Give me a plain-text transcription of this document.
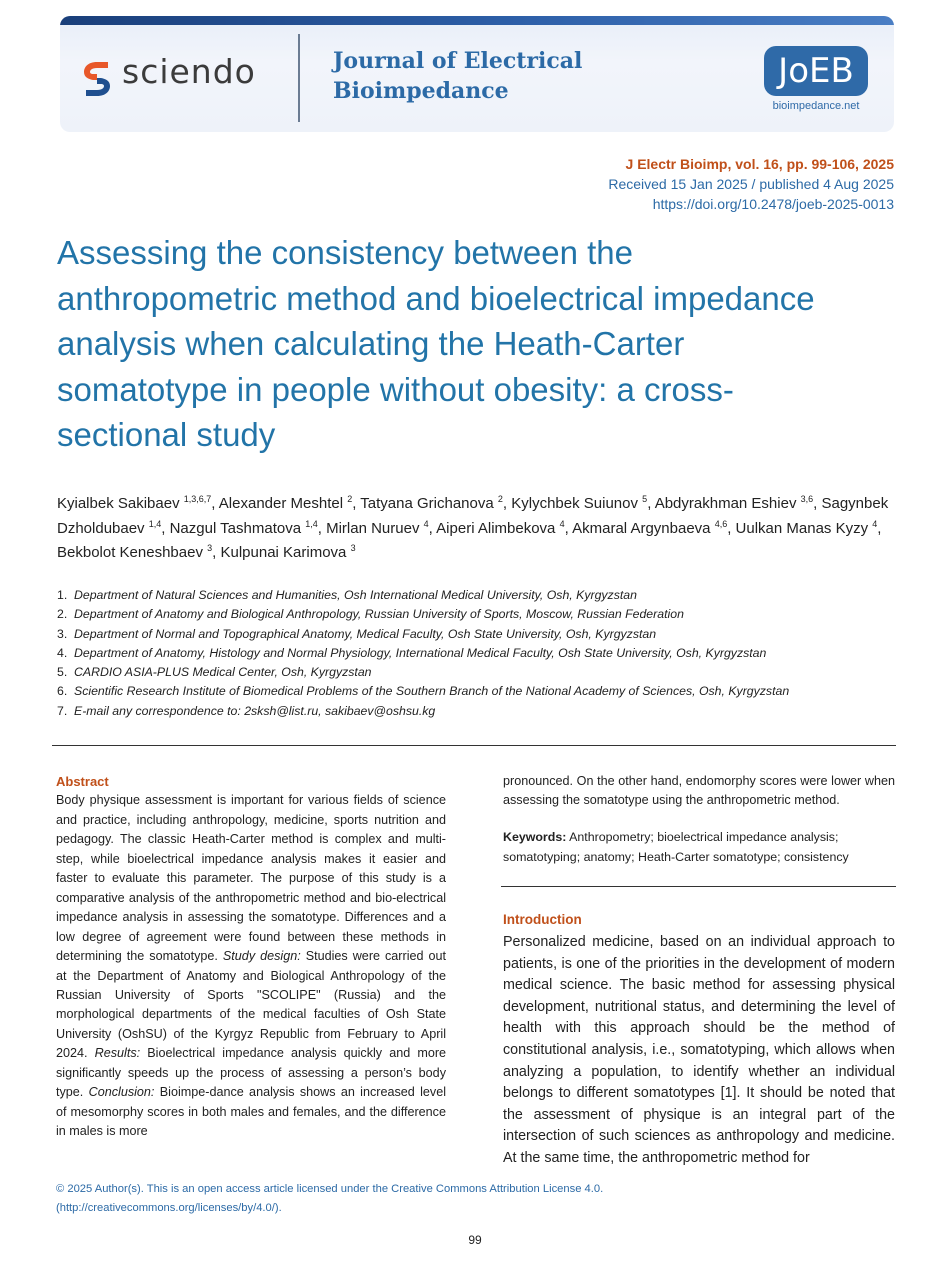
sciendo	Journal of Electrical
Bioimpedance	JoEB
bioimpedance.net
J Electr Bioimp, vol. 16, pp. 99-106, 2025
Received 15 Jan 2025 / published 4 Aug 2025
https://doi.org/10.2478/joeb-2025-0013
Assessing the consistency between the anthropometric method and bioelectrical impedance analysis when calculating the Heath-Carter somatotype in people without obesity: a cross-sectional study
Kyialbek Sakibaev $^{1,3,6,7}$, Alexander Meshtel $^2$, Tatyana Grichanova $^2$, Kylychbek Suiunov $^5$, Abdyrakhman Eshiev $^{3,6}$, Sagynbek Dzholdubaev $^{1,4}$, Nazgul Tashmatova $^{1,4}$, Mirlan Nuruev $^4$, Aiperi Alimbekova $^4$, Akmaral Argynbaeva $^{4,6}$, Uulkan Manas Kyzy $^4$, Bekbolot Keneshbaev $^3$, Kulpunai Karimova $^3$
1. Department of Natural Sciences and Humanities, Osh International Medical University, Osh, Kyrgyzstan
2. Department of Anatomy and Biological Anthropology, Russian University of Sports, Moscow, Russian Federation
3. Department of Normal and Topographical Anatomy, Medical Faculty, Osh State University, Osh, Kyrgyzstan
4. Department of Anatomy, Histology and Normal Physiology, International Medical Faculty, Osh State University, Osh, Kyrgyzstan
5. CARDIO ASIA-PLUS Medical Center, Osh, Kyrgyzstan
6. Scientific Research Institute of Biomedical Problems of the Southern Branch of the National Academy of Sciences, Osh, Kyrgyzstan
7. E-mail any correspondence to: 2sksh@list.ru, sakibaev@oshsu.kg
Abstract
Body physique assessment is important for various fields of science and practice, including anthropology, medicine, sports nutrition and pedagogy. The classic Heath-Carter method is complex and multi-step, while bioelectrical impedance analysis makes it easier and faster to evaluate this parameter. The purpose of this study is a comparative analysis of the anthropometric method and bio-electrical impedance analysis in assessing the somatotype. Differences and a low degree of agreement were found between these methods in determining the somatotype. Study design: Studies were carried out at the Department of Anatomy and Biological Anthropology of the Russian University of Sports "SCOLIPE" (Russia) and the morphological departments of the medical faculties of Osh State University (OshSU) of the Kyrgyz Republic from February to April 2024. Results: Bioelectrical impedance analysis quickly and more significantly speeds up the process of assessing a person’s body type. Conclusion: Bioimpe-dance analysis shows an increased level of mesomorphy scores in both males and females, and the difference in males is more
pronounced. On the other hand, endomorphy scores were lower when assessing the somatotype using the anthropometric method.
Keywords: Anthropometry; bioelectrical impedance analysis; somatotyping; anatomy; Heath-Carter somatotype; consistency
Introduction
Personalized medicine, based on an individual approach to patients, is one of the priorities in the development of modern medical science. The basic method for assessing physical development, nutritional status, and determining the level of health with this approach should be the method of constitutional analysis, i.e., somatotyping, which allows when analyzing a population, to identify whether an individual belongs to different somatotypes [1]. It should be noted that the assessment of physique is an integral part of the intersection of such sciences as anthropology and medicine. At the same time, the anthropometric method for
© 2025 Author(s). This is an open access article licensed under the Creative Commons Attribution License 4.0.
(http://creativecommons.org/licenses/by/4.0/).
99
